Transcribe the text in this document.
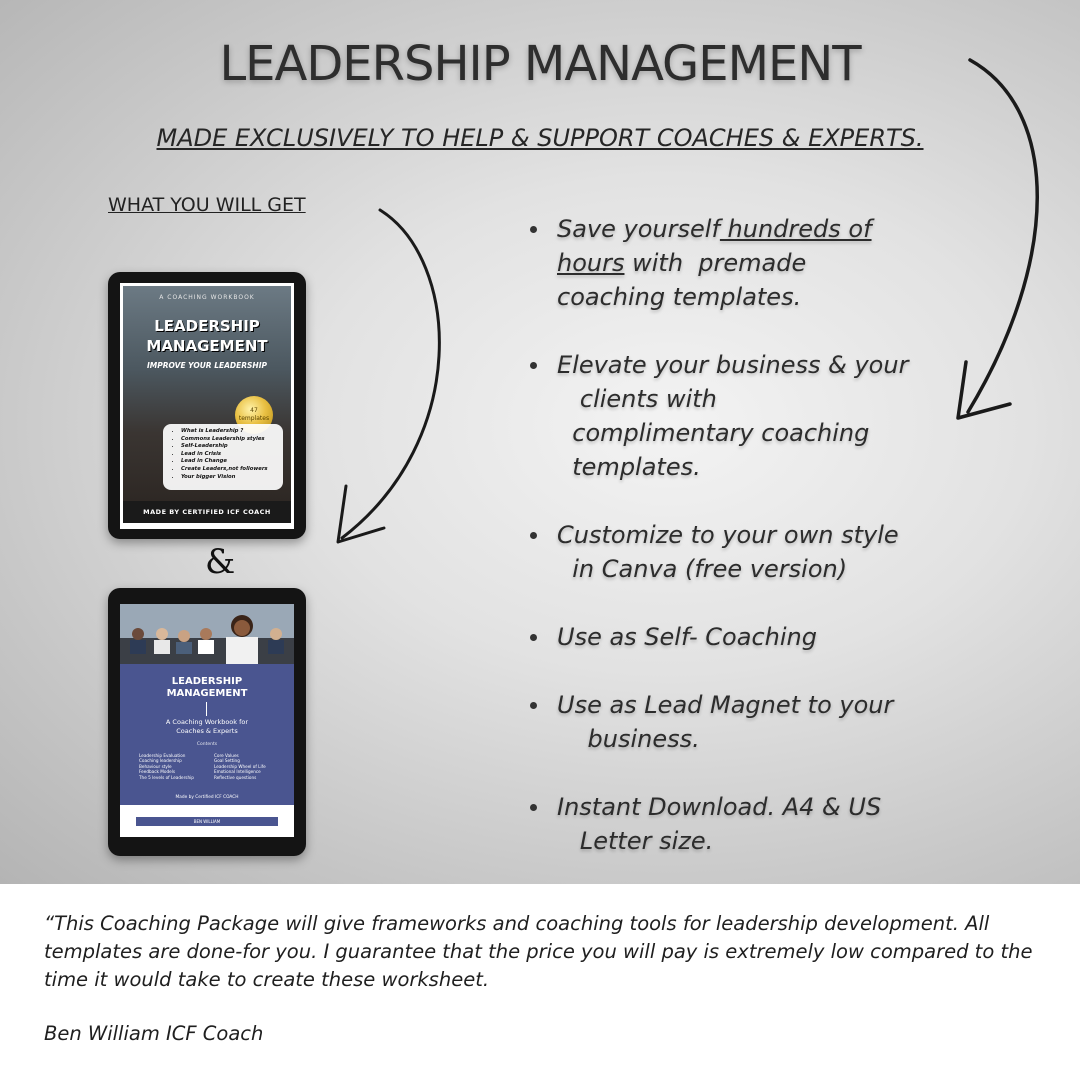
LEADERSHIP MANAGEMENT

MADE EXCLUSIVELY TO HELP & SUPPORT COACHES & EXPERTS.

WHAT YOU WILL GET
A COACHING WORKBOOK
LEADERSHIP
MANAGEMENT
IMPROVE YOUR LEADERSHIP
47
templates
• What is Leadership ?
• Commons Leadership styles
• Self-Leadership
• Lead in Crisis
• Lead in Change
• Create Leaders,not followers
• Your bigger Vision
MADE BY CERTIFIED ICF COACH
&
LEADERSHIP
MANAGEMENT
A Coaching Workbook for
Coaches & Experts
Contents
Leadership Evaluation
Coaching leadership
Behaviour style
Feedback Models
The 5 levels of Leadership
Core Values
Goal Setting
Leadership Wheel of Life
Emotional Intelligence
Reflective questions
Made by Certified ICF COACH
BEN WILLIAM
Save yourself hundreds of
hours with  premade
coaching templates.
Elevate your business & your
clients with
complimentary coaching
templates.
Customize to your own style
in Canva (free version)
Use as Self- Coaching
Use as Lead Magnet to your
business.
Instant Download. A4 & US
Letter size.

“This Coaching Package will give frameworks and coaching tools for leadership development. All templates are done-for you. I guarantee that the price you will pay is extremely low compared to the time it would take to create these worksheet.

Ben William ICF Coach
